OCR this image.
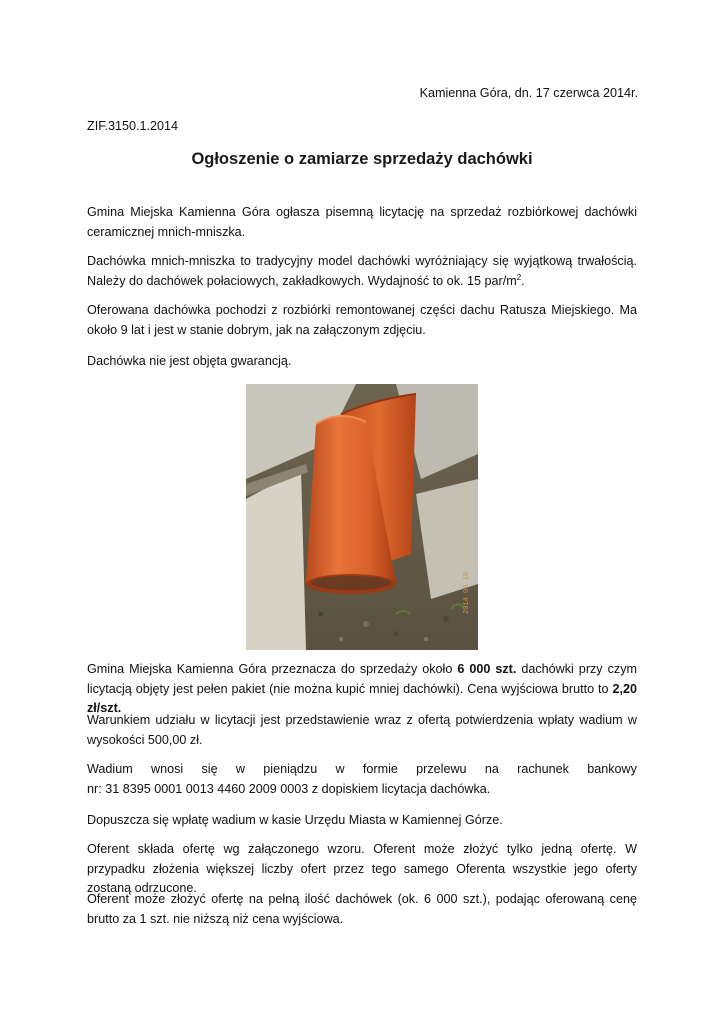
Kamienna Góra, dn. 17 czerwca 2014r.
ZIF.3150.1.2014
Ogłoszenie o zamiarze sprzedaży dachówki

Gmina Miejska Kamienna Góra ogłasza pisemną licytację na sprzedaż rozbiórkowej dachówki ceramicznej mnich-mniszka.

Dachówka mnich-mniszka to tradycyjny model dachówki wyróżniający się wyjątkową trwałością. Należy do dachówek połaciowych, zakładkowych. Wydajność to ok. 15 par/$m^2$.

Oferowana dachówka pochodzi z rozbiórki remontowanej części dachu Ratusza Miejskiego. Ma około 9 lat i jest w stanie dobrym, jak na załączonym zdjęciu.

Dachówka nie jest objęta gwarancją.

2014 06 10

Gmina Miejska Kamienna Góra przeznacza do sprzedaży około 6 000 szt. dachówki przy czym licytacją objęty jest pełen pakiet (nie można kupić mniej dachówki). Cena wyjściowa brutto to 2,20 zł/szt.

Warunkiem udziału w licytacji jest przedstawienie wraz z ofertą potwierdzenia wpłaty wadium w wysokości 500,00 zł.

Wadium wnosi się w pieniądzu w formie przelewu na rachunek bankowy
nr: 31 8395 0001 0013 4460 2009 0003 z dopiskiem licytacja dachówka.

Dopuszcza się wpłatę wadium w kasie Urzędu Miasta w Kamiennej Górze.

Oferent składa ofertę wg załączonego wzoru. Oferent może złożyć tylko jedną ofertę. W przypadku złożenia większej liczby ofert przez tego samego Oferenta wszystkie jego oferty zostaną odrzucone.

Oferent może złożyć ofertę na pełną ilość dachówek (ok. 6 000 szt.), podając oferowaną cenę brutto za 1 szt. nie niższą niż cena wyjściowa.
